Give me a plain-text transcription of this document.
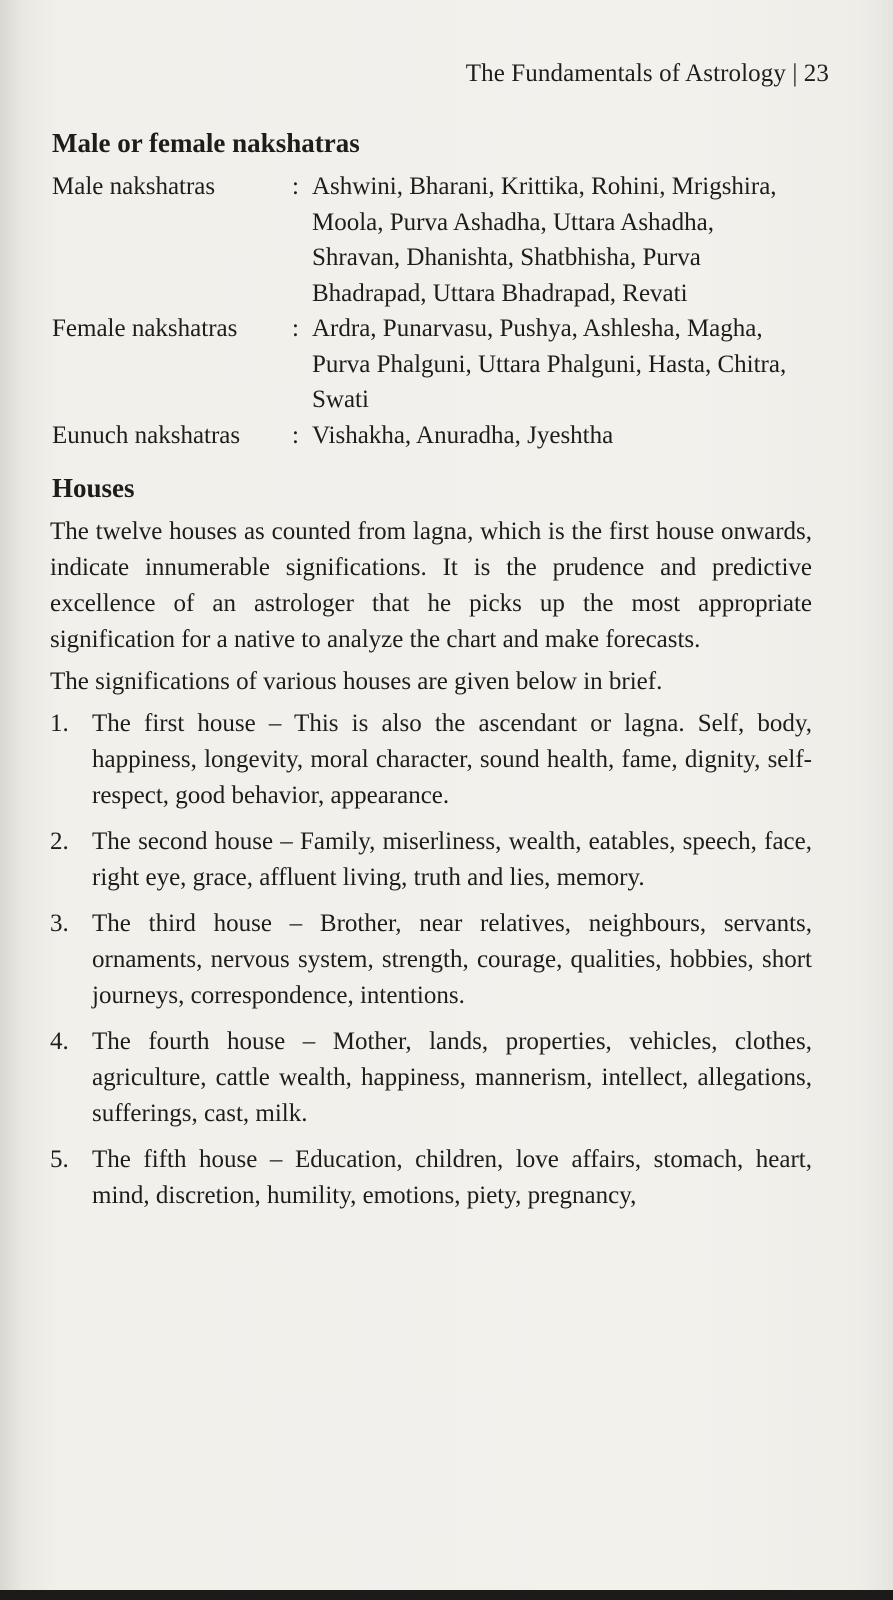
The Fundamentals of Astrology | 23
Male or female nakshatras
Male nakshatras	: Ashwini, Bharani, Krittika, Rohini, Mrigshira, Moola, Purva Ashadha, Uttara Ashadha, Shravan, Dhanishta, Shatbhisha, Purva Bhadrapad, Uttara Bhadrapad, Revati
Female nakshatras	: Ardra, Punarvasu, Pushya, Ashlesha, Magha, Purva Phalguni, Uttara Phalguni, Hasta, Chitra, Swati
Eunuch nakshatras	: Vishakha, Anuradha, Jyeshtha
Houses

The twelve houses as counted from lagna, which is the first house onwards, indicate innumerable significations. It is the prudence and predictive excellence of an astrologer that he picks up the most appropriate signification for a native to analyze the chart and make forecasts.

The significations of various houses are given below in brief.

1. The first house – This is also the ascendant or lagna. Self, body, happiness, longevity, moral character, sound health, fame, dignity, self-respect, good behavior, appearance.
2. The second house – Family, miserliness, wealth, eatables, speech, face, right eye, grace, affluent living, truth and lies, memory.
3. The third house – Brother, near relatives, neighbours, servants, ornaments, nervous system, strength, courage, qualities, hobbies, short journeys, correspondence, intentions.
4. The fourth house – Mother, lands, properties, vehicles, clothes, agriculture, cattle wealth, happiness, mannerism, intellect, allegations, sufferings, cast, milk.
5. The fifth house – Education, children, love affairs, stomach, heart, mind, discretion, humility, emotions, piety, pregnancy,
